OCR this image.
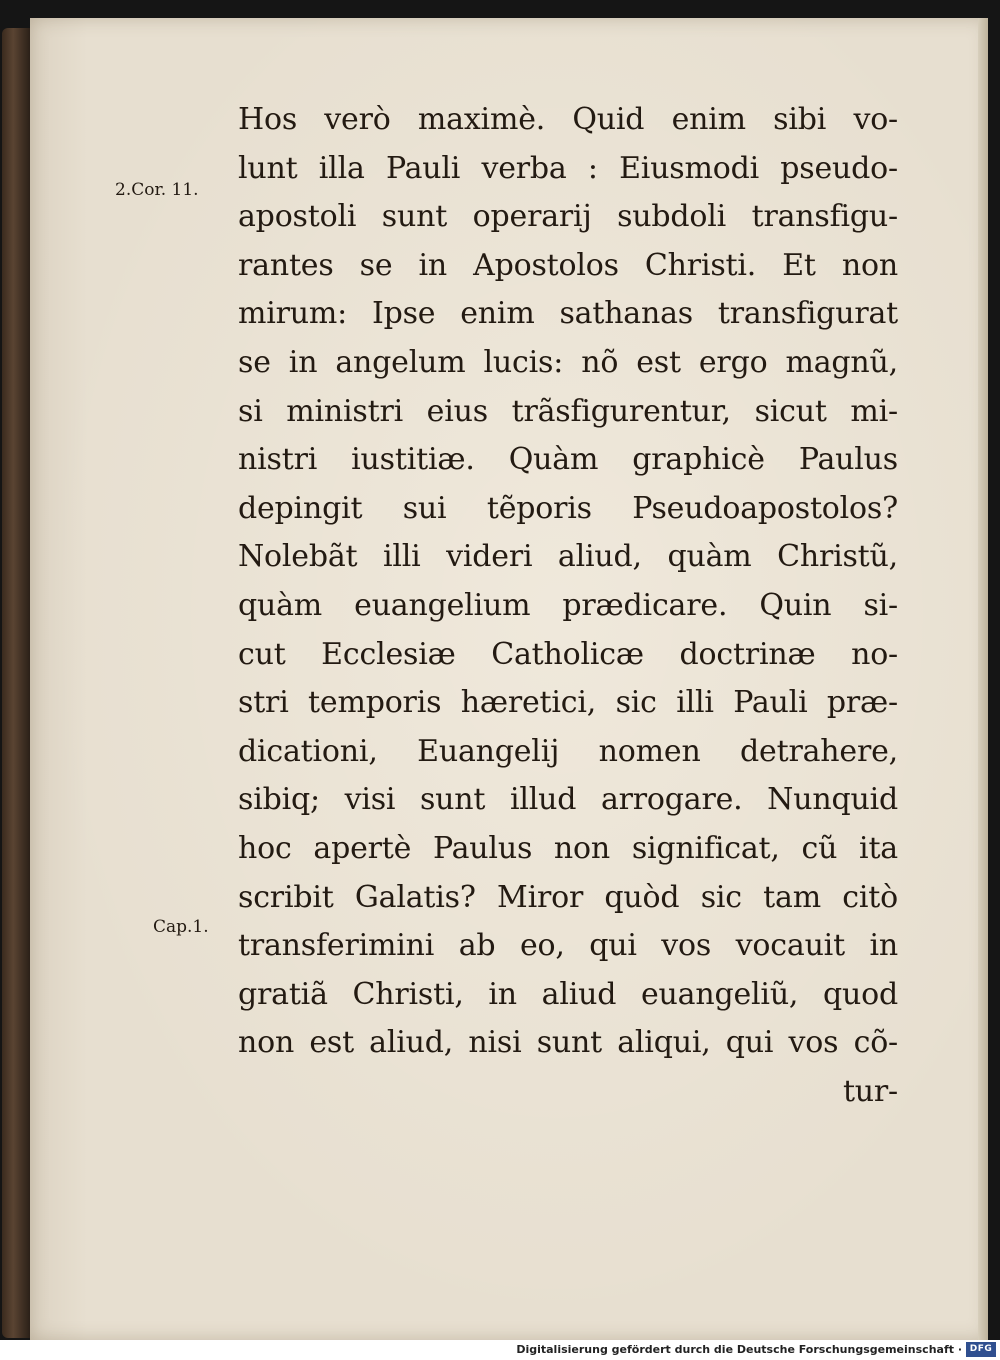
2.Cor. 11.
Cap.1.
Hos verò maximè. Quid enim sibi vo-
lunt illa Pauli verba : Eiusmodi pseudo-
apostoli sunt operarij subdoli transfigu-
rantes se in Apostolos Christi. Et non
mirum: Ipse enim sathanas transfigurat
se in angelum lucis: nõ est ergo magnũ,
si ministri eius trãsfigurentur, sicut mi-
nistri iustitiæ. Quàm graphicè Paulus
depingit sui tẽporis Pseudoapostolos?
Nolebãt illi videri aliud, quàm Christũ,
quàm euangelium prædicare. Quin si-
cut Ecclesiæ Catholicæ doctrinæ no-
stri temporis hæretici, sic illi Pauli præ-
dicationi, Euangelij nomen detrahere,
sibiq; visi sunt illud arrogare. Nunquid
hoc apertè Paulus non significat, cũ ita
scribit Galatis? Miror quòd sic tam citò
transferimini ab eo, qui vos vocauit in
gratiã Christi, in aliud euangeliũ, quod
non est aliud, nisi sunt aliqui, qui vos cõ-
tur-
Digitalisierung gefördert durch die Deutsche Forschungsgemeinschaft · DFG
